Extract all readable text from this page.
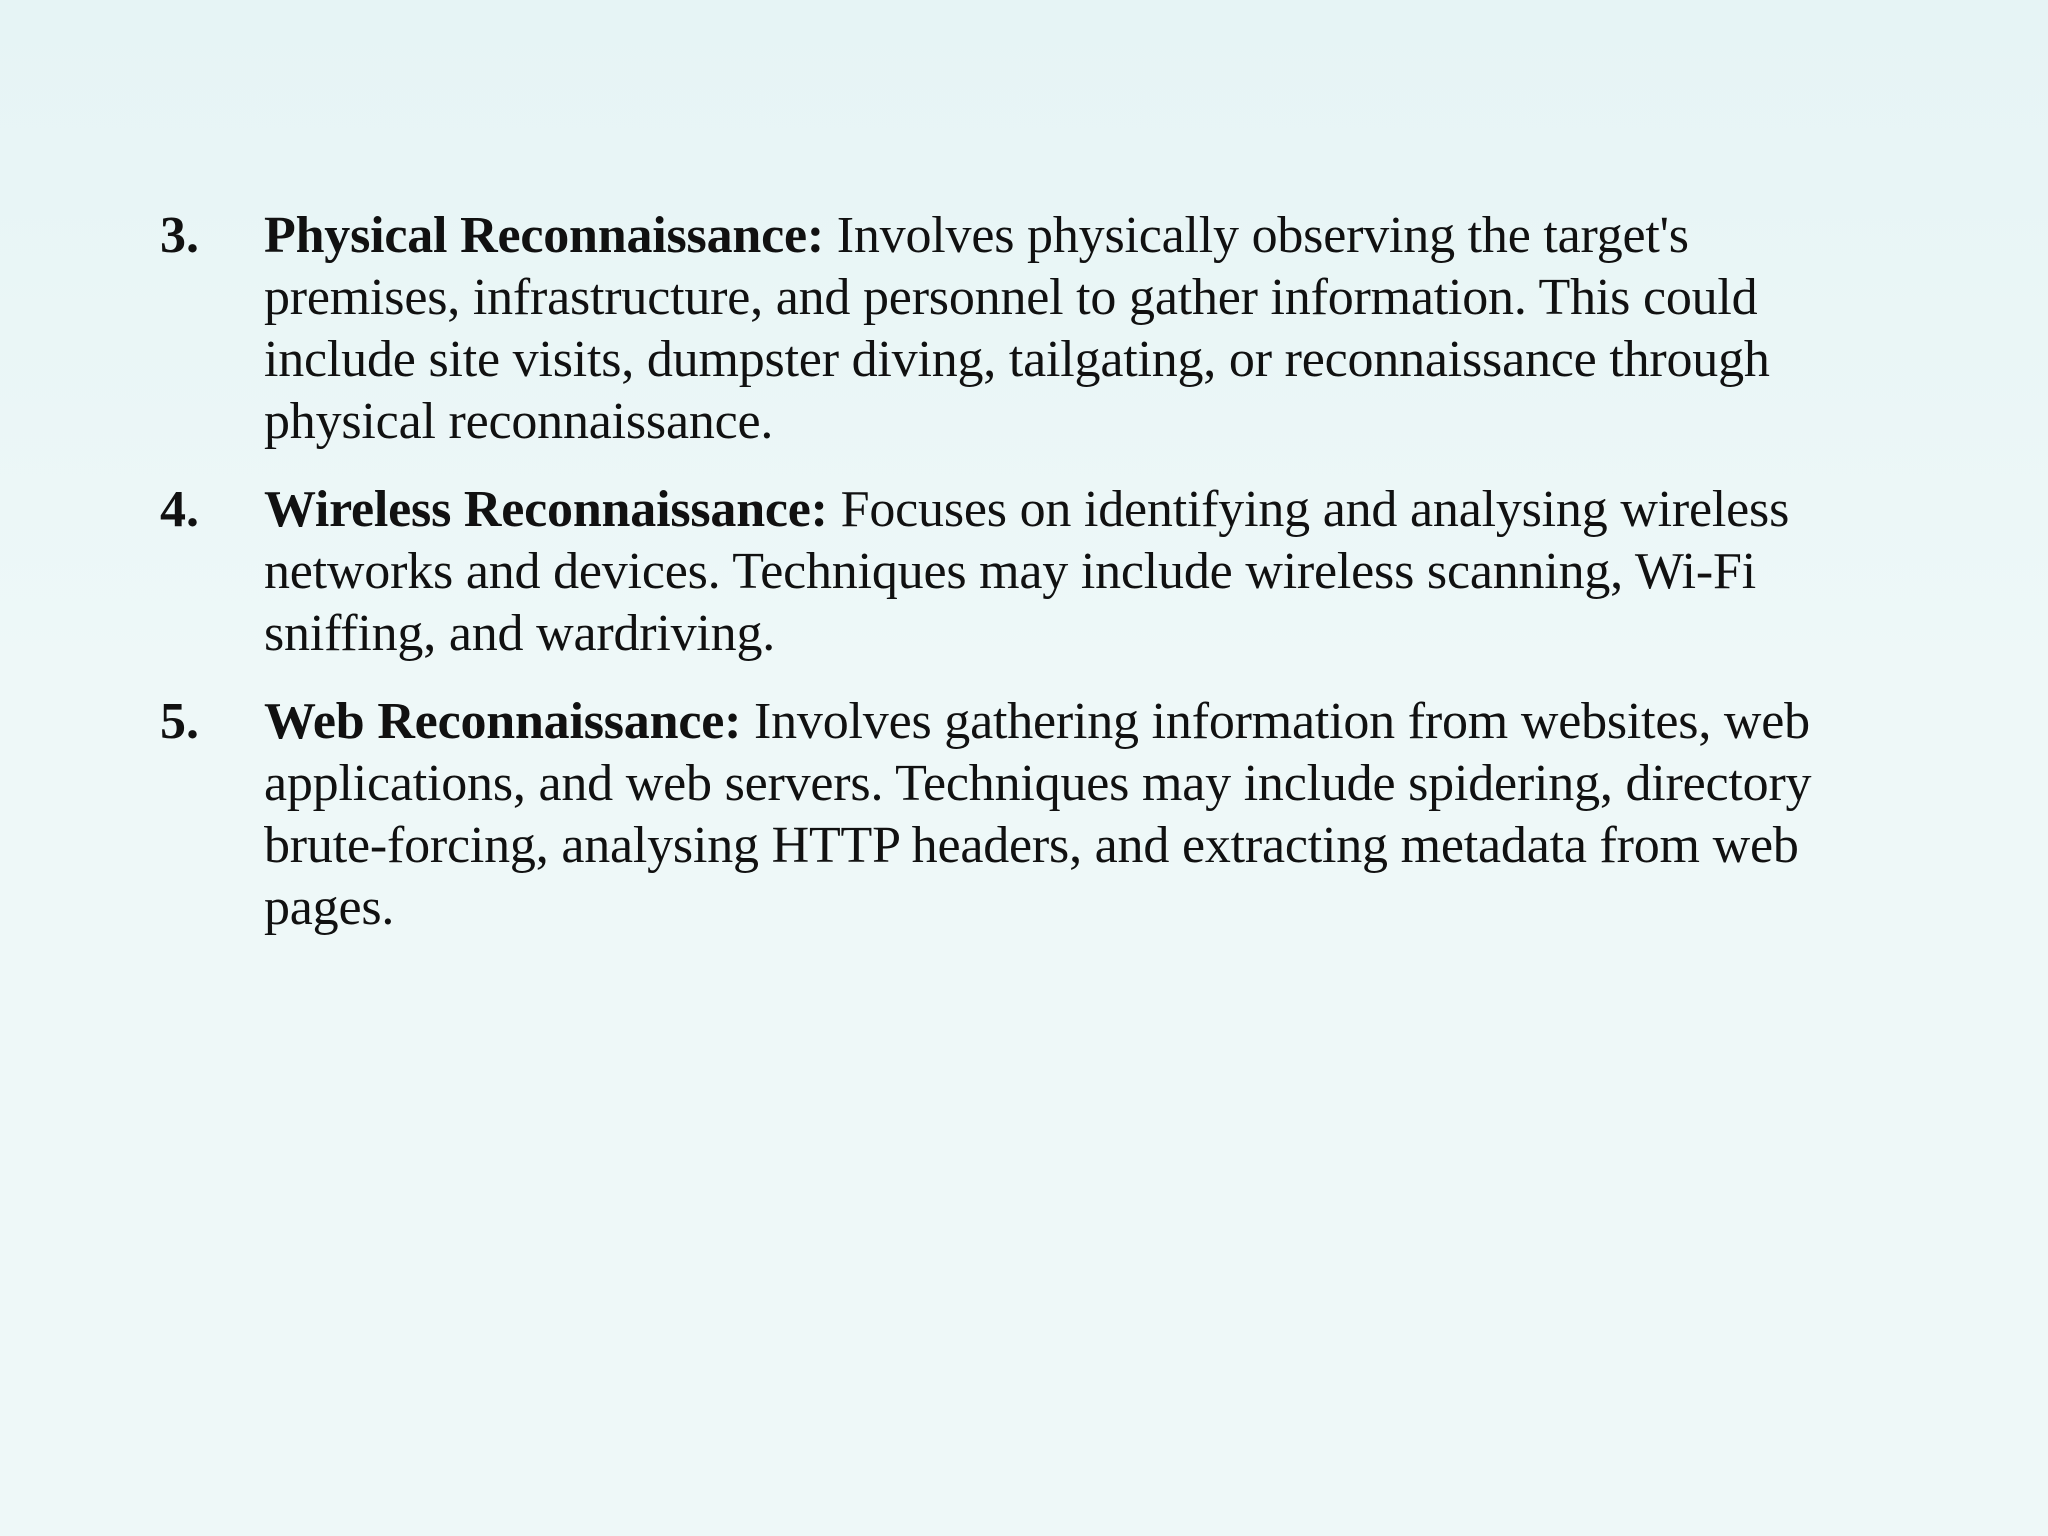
3.	Physical Reconnaissance: Involves physically observing the target's premises, infrastructure, and personnel to gather information. This could include site visits, dumpster diving, tailgating, or reconnaissance through physical reconnaissance.
4.	Wireless Reconnaissance: Focuses on identifying and analysing wireless networks and devices. Techniques may include wireless scanning, Wi-Fi sniffing, and wardriving.
5.	Web Reconnaissance: Involves gathering information from websites, web applications, and web servers. Techniques may include spidering, directory brute-forcing, analysing HTTP headers, and extracting metadata from web pages.
